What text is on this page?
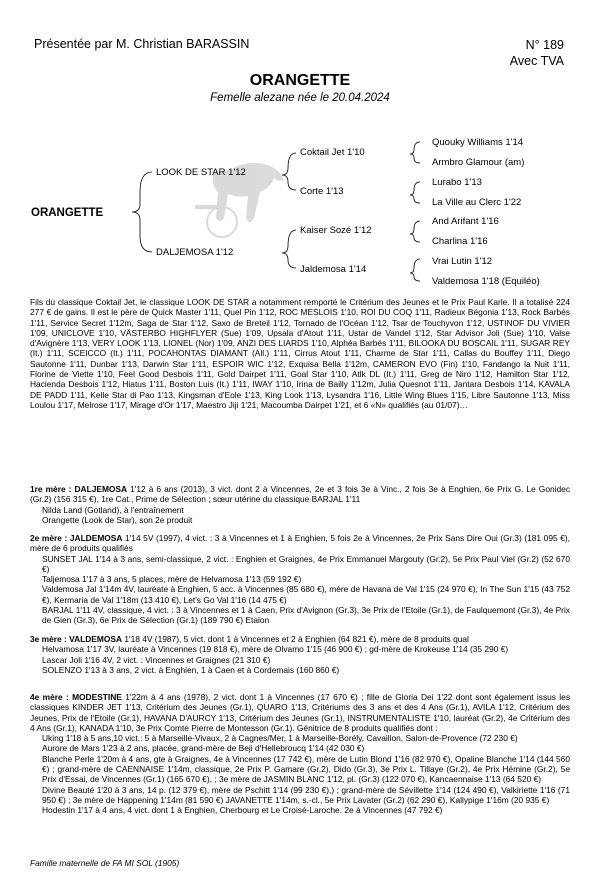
Présentée par M. Christian BARASSIN	N° 189
Avec TVA
ORANGETTE
Femelle alezane née le 20.04.2024
ORANGETTE
LOOK DE STAR 1'12
DALJEMOSA 1'12
Coktail Jet 1'10
Corte 1'13
Kaiser Sozé 1'12
Jaldemosa 1'14
Quouky Williams 1'14
Armbro Glamour (am)
Lurabo 1'13
La Ville au Clerc 1'22
And Arifant 1'16
Charlina 1'16
Vrai Lutin 1'12
Valdemosa 1'18 (Equiléo)
Fils du classique Coktail Jet, le classique LOOK DE STAR a notamment remporté le Critérium des Jeunes et le Prix Paul Karle. Il a totalisé 224 277 € de gains. Il est le père de Quick Master 1'11, Quel Pin 1'12, ROC MESLOIS 1'10, ROI DU COQ 1'11, Radieux Bégonia 1'13, Rock Barbés 1'11, Service Secret 1'12m, Saga de Star 1'12, Saxo de Breteil 1'12, Tornado de l'Océan 1'12, Tsar de Touchyvon 1'12, USTINOF DU VIVIER 1'09, UNICLOVE 1'10, VÄSTERBO HIGHFLYER (Sue) 1'09, Upsala d'Atout 1'11, Ustar de Vandel 1'12, Star Advisor Joli (Sue) 1'10, Valse d'Avignère 1'13, VERY LOOK 1'13, LIONEL (Nor) 1'09, ANZI DES LIARDS 1'10, Alphéa Barbés 1'11, BILOOKA DU BOSCAIL 1'11, SUGAR REY (It.) 1'11, SCEICCO (It.) 1'11, POCAHONTAS DIAMANT (All.) 1'11, Cirrus Atout 1'11, Charme de Star 1'11, Callas du Bouffey 1'11, Diego Sautonne 1'11, Dunbar 1'13, Darwin Star 1'11, ESPOIR WIC 1'12, Exquisa Bella 1'12m, CAMERON EVO (Fin) 1'10, Fandango la Nuit 1'11, Florine de Viette 1'10, Feel Good Desbois 1'11, Gold Dairpet 1'11, Goal Star 1'10, Atlk DL (It.) 1'11, Greg de Niro 1'12, Hamilton Star 1'12, Hacienda Desbois 1'12, Hiatus 1'11, Boston Luis (It.) 1'11, IWAY 1'10, Irina de Bailly 1'12m, Julia Quesnot 1'11, Jantara Desbois 1'14, KAVALA DE PADD 1'11, Kelle Star di Pao 1'13, Kingsman d'Eole 1'13, King Look 1'13, Lysandra 1'16, Little Wing Blues 1'15, Libre Sautonne 1'13, Miss Loulou 1'17, Melrose 1'17, Mirage d'Or 1'17, Maestro Jiji 1'21, Macoumba Dairpet 1'21, et 6 «N» qualifiés (au 01/07)…
1re mère : DALJEMOSA 1'12 à 6 ans (2013), 3 vict. dont 2 à Vincennes, 2e et 3 fois 3e à Vinc., 2 fois 3e à Enghien, 6e Prix G. Le Gonidec (Gr.2) (156 315 €), 1re Cat., Prime de Sélection ; sœur utérine du classique BARJAL 1'11
Nilda Land (Gotland), à l'entraînement
Orangette (Look de Star), son 2e produit
2e mère : JALDEMOSA 1'14 5V (1997), 4 vict. : 3 à Vincennes et 1 à Enghien, 5 fois 2e à Vincennes, 2e Prix Sans Dire Oui (Gr.3) (181 095 €), mère de 6 produits qualifiés
SUNSET JAL 1'14 à 3 ans, semi-classique, 2 vict. : Enghien et Graignes, 4e Prix Emmanuel Margouty (Gr.2), 5e Prix Paul Viel (Gr.2) (52 670 €)
Taljemosa 1'17 à 3 ans, 5 places, mère de Helvamosa 1'13 (59 192 €)
Valdemosa Jal 1'14m 4V, lauréate à Enghien, 5 acc. à Vincennes (85 680 €), mère de Havana de Val 1'15 (24 970 €), In The Sun 1'15 (43 752 €), Kermaria de Val 1'18m (13 410 €), Let's Go Val 1'16 (14 475 €)
BARJAL 1'11 4V, classique, 4 vict. : 3 à Vincennes et 1 à Caen, Prix d'Avignon (Gr.3), 3e Prix de l'Etoile (Gr.1), de Faulquemont (Gr.3), 4e Prix de Gien (Gr.3), 6e Prix de Sélection (Gr.1) (189 790 €) Etalon
3e mère : VALDEMOSA 1'18 4V (1987), 5 vict. dont 1 à Vincennes et 2 à Enghien (64 821 €), mère de 8 produits qual
Helvamosa 1'17 3V, lauréate à Vincennes (19 818 €), mère de Olvamo 1'15 (46 900 €) ; gd-mère de Krokeuse 1'14 (35 290 €)
Lascar Joli 1'16 4V, 2 vict. : Vincennes et Graignes (21 310 €)
SOLENZO 1'13 à 3 ans, 2 vict. à Enghien, 1 à Caen et à Cordemais (160 860 €)
4e mère : MODESTINE 1'22m à 4 ans (1978), 2 vict. dont 1 à Vincennes (17 670 €) ; fille de Gloria Dei 1'22 dont sont également issus les classiques KINDER JET 1'13, Critérium des Jeunes (Gr.1), QUARO 1'13, Critériums des 3 ans et des 4 Ans (Gr.1), AVILA 1'12, Critérium des Jeunes, Prix de l'Etoile (Gr.1), HAVANA D'AURCY 1'13, Critérium des Jeunes (Gr.1), INSTRUMENTALISTE 1'10, lauréat (Gr.2), 4e Critérium des 4 Ans (Gr.1), KANADA 1'10, 3e Prix Comte Pierre de Montesson (Gr.1). Génitrice de 8 produits qualifiés dont :
Uking 1'18 à 5 ans,10 vict.: 5 à Marseille-Vivaux, 2 à Cagnes/Mer, 1 à Marseille-Borély, Cavaillon, Salon-de-Provence (72 230 €)
Aurore de Mars 1'23 à 2 ans, placée, grand-mère de Beji d'Hellebroucq 1'14 (42 030 €)
Blanche Perle 1'20m à 4 ans, gte à Graignes, 4e à Vincennes (17 742 €), mère de Lutin Blond 1'16 (82 970 €), Opaline Blanche 1'14 (144 560 €) ; grand-mère de CAENNAISE 1'14m, classique, 2e Prix P. Gamare (Gr.2), Dido (Gr.3), 3e Prix L. Tillaye (Gr.2), 4e Prix Hémine (Gr.2), 5e Prix d'Essai, de Vincennes (Gr.1) (165 670 €), ; 3e mère de JASMIN BLANC 1'12, pl. (Gr.3) (122 070 €), Kancaennaise 1'13 (64 520 €)
Divine Beauté 1'20 à 3 ans, 14 p. (12 379 €), mère de Pschitt 1'14 (99 230 €),) ; grand-mère de Sévillette 1'14 (124 490 €), Valkiriette 1'16 (71 950 €) ; 3e mère de Happening 1'14m (81 590 €) JAVANETTE 1'14m, s.-cl., 5e Prix Lavater (Gr.2) (62 290 €), Kallypige 1'16m (20 935 €)
Hodestin 1'17 à 4 ans, 4 vict. dont 1 à Enghien, Cherbourg et Le Croisé-Laroche. 2e à Vincennes (47 792 €)
Famille maternelle de FA MI SOL (1905)
